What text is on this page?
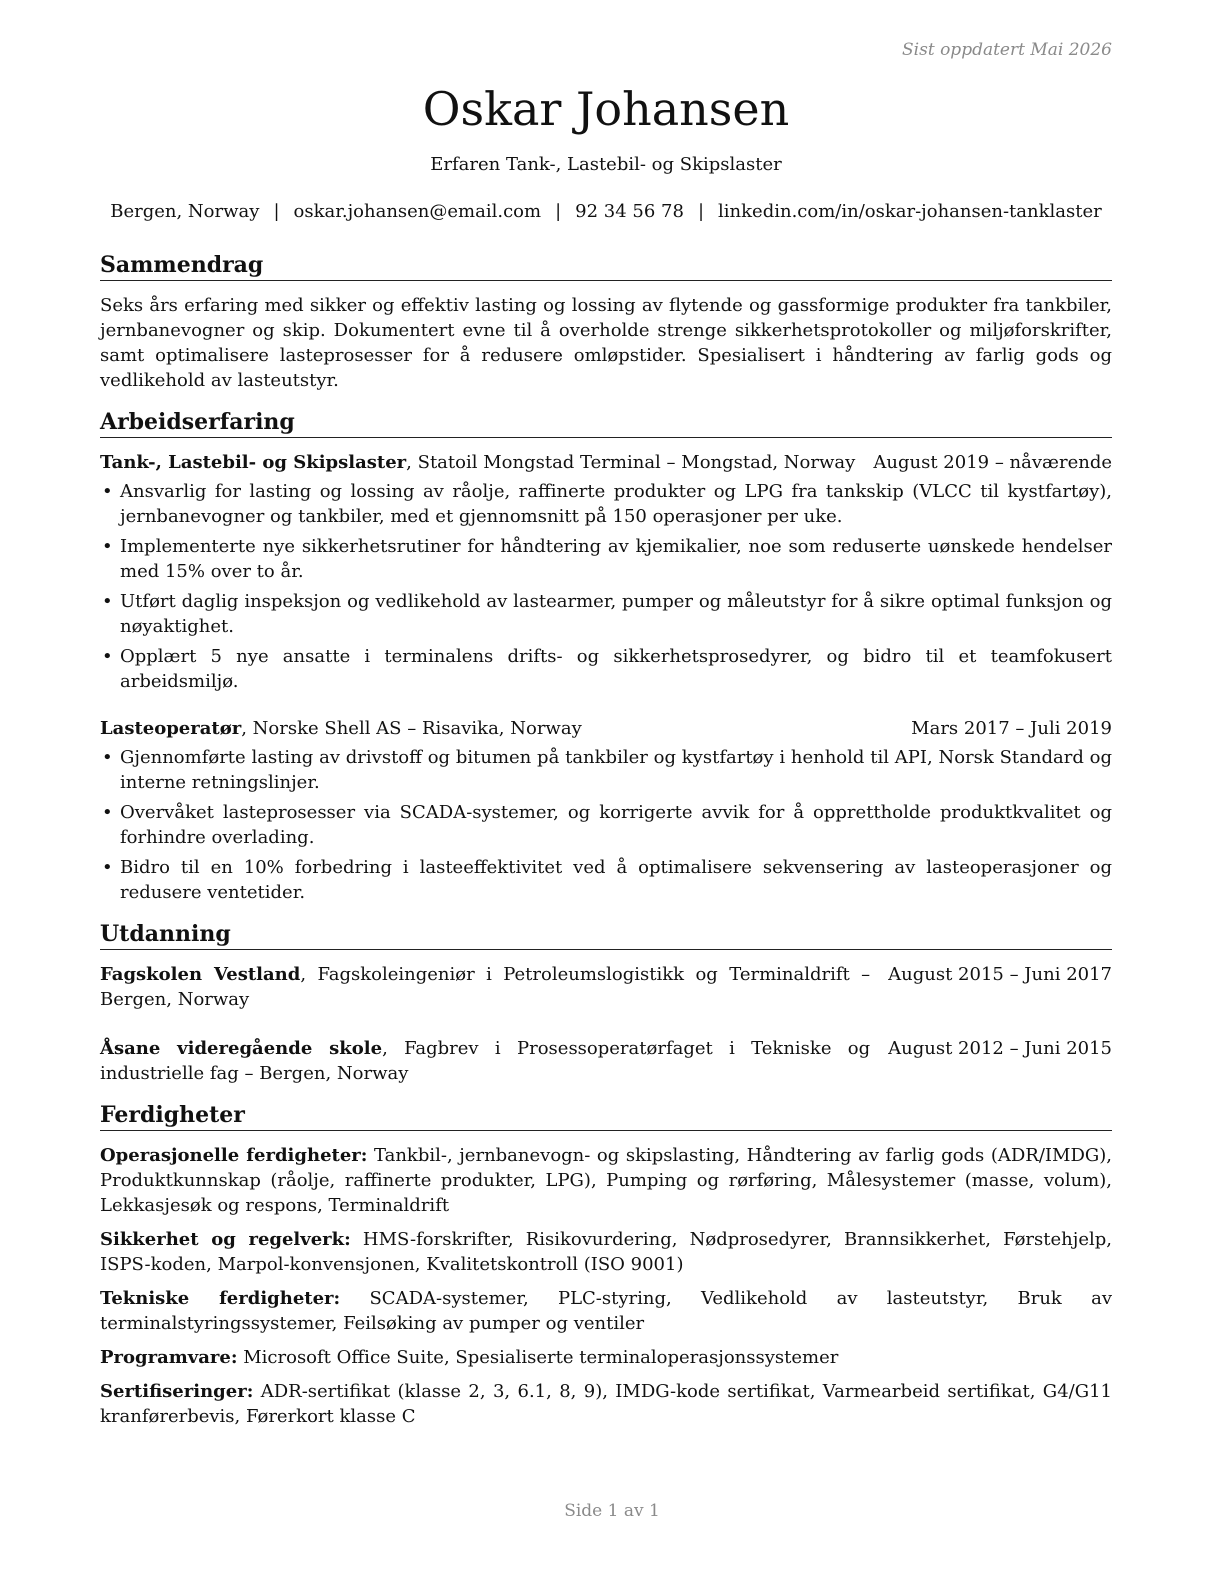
Sist oppdatert Mai 2026
Oskar Johansen
Erfaren Tank-, Lastebil- og Skipslaster
Bergen, Norway | oskar.johansen@email.com | 92 34 56 78 | linkedin.com/in/oskar-johansen-tanklaster
Sammendrag
Seks års erfaring med sikker og effektiv lasting og lossing av flytende og gassformige produkter fra tankbiler, jernbanevogner og skip. Dokumentert evne til å overholde strenge sikkerhetsprotokoller og miljøforskrifter, samt optimalisere lasteprosesser for å redusere omløpstider. Spesialisert i håndtering av farlig gods og vedlikehold av lasteutstyr.
Arbeidserfaring
Tank-, Lastebil- og Skipslaster, Statoil Mongstad Terminal – Mongstad, Norway	August 2019 – nåværende
• Ansvarlig for lasting og lossing av råolje, raffinerte produkter og LPG fra tankskip (VLCC til kystfartøy), jernbanevogner og tankbiler, med et gjennomsnitt på 150 operasjoner per uke.
• Implementerte nye sikkerhetsrutiner for håndtering av kjemikalier, noe som reduserte uønskede hendelser med 15% over to år.
• Utført daglig inspeksjon og vedlikehold av lastearmer, pumper og måleutstyr for å sikre optimal funksjon og nøyaktighet.
• Opplært 5 nye ansatte i terminalens drifts- og sikkerhetsprosedyrer, og bidro til et teamfokusert arbeidsmiljø.
Lasteoperatør, Norske Shell AS – Risavika, Norway	Mars 2017 – Juli 2019
• Gjennomførte lasting av drivstoff og bitumen på tankbiler og kystfartøy i henhold til API, Norsk Standard og interne retningslinjer.
• Overvåket lasteprosesser via SCADA-systemer, og korrigerte avvik for å opprettholde produktkvalitet og forhindre overlading.
• Bidro til en 10% forbedring i lasteeffektivitet ved å optimalisere sekvensering av lasteoperasjoner og redusere ventetider.
Utdanning
Fagskolen Vestland, Fagskoleingeniør i Petroleumslogistikk og Terminaldrift – Bergen, Norway
August 2015 – Juni 2017
Åsane videregående skole, Fagbrev i Prosessoperatørfaget i Tekniske og industrielle fag – Bergen, Norway
August 2012 – Juni 2015
Ferdigheter
Operasjonelle ferdigheter: Tankbil-, jernbanevogn- og skipslasting, Håndtering av farlig gods (ADR/IMDG), Produktkunnskap (råolje, raffinerte produkter, LPG), Pumping og rørføring, Målesystemer (masse, volum), Lekkasjesøk og respons, Terminaldrift
Sikkerhet og regelverk: HMS-forskrifter, Risikovurdering, Nødprosedyrer, Brannsikkerhet, Førstehjelp, ISPS-koden, Marpol-konvensjonen, Kvalitetskontroll (ISO 9001)
Tekniske ferdigheter: SCADA-systemer, PLC-styring, Vedlikehold av lasteutstyr, Bruk av terminalstyringssystemer, Feilsøking av pumper og ventiler
Programvare: Microsoft Office Suite, Spesialiserte terminaloperasjonssystemer
Sertifiseringer: ADR-sertifikat (klasse 2, 3, 6.1, 8, 9), IMDG-kode sertifikat, Varmearbeid sertifikat, G4/G11 kranførerbevis, Førerkort klasse C
Side 1 av 1
